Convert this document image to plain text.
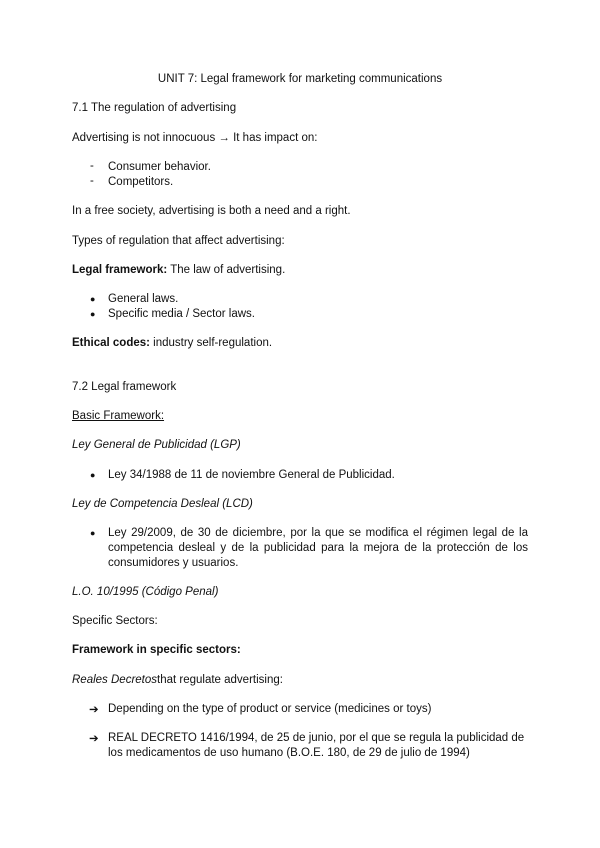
UNIT 7: Legal framework for marketing communications
7.1 The regulation of advertising
Advertising is not innocuous → It has impact on:
- Consumer behavior.
- Competitors.
In a free society, advertising is both a need and a right.
Types of regulation that affect advertising:
Legal framework: The law of advertising.
● General laws.
● Specific media / Sector laws.
Ethical codes: industry self-regulation.
7.2 Legal framework
Basic Framework:
Ley General de Publicidad (LGP)
● Ley 34/1988 de 11 de noviembre General de Publicidad.
Ley de Competencia Desleal (LCD)
● Ley 29/2009, de 30 de diciembre, por la que se modifica el régimen legal de la competencia desleal y de la publicidad para la mejora de la protección de los consumidores y usuarios.
L.O. 10/1995 (Código Penal)
Specific Sectors:
Framework in specific sectors:
Reales Decretosthat regulate advertising:
➔ Depending on the type of product or service (medicines or toys)
➔ REAL DECRETO 1416/1994, de 25 de junio, por el que se regula la publicidad de los medicamentos de uso humano (B.O.E. 180, de 29 de julio de 1994)
